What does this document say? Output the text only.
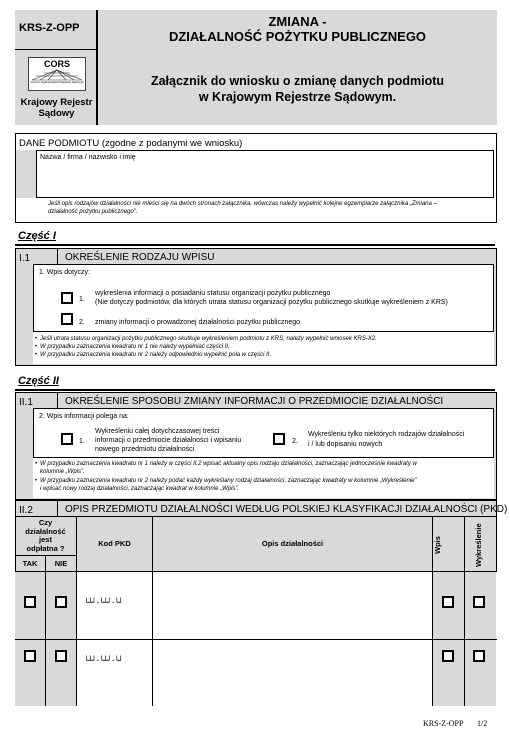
KRS-Z-OPP	ZMIANA -
DZIAŁALNOŚĆ POŻYTKU PUBLICZNEGO
CORS
Centrum Ogólnopolskich Rejestrów Sądowych
Krajowy Rejestr
Sądowy
Załącznik do wniosku o zmianę danych podmiotu
w Krajowym Rejestrze Sądowym.
DANE PODMIOTU (zgodne z podanymi we wniosku)
Nazwa / firma / nazwisko i imię
Jeśli opis rodzajów działalności nie mieści się na dwóch stronach załącznika, wówczas należy wypełnić kolejne egzemplarze załącznika „Zmiana –
działalność pożytku publicznego”.
Część I
I.1	OKREŚLENIE RODZAJU WPISU
1. Wpis dotyczy:
1.
wykreślenia informacji o posiadaniu statusu organizacji pożytku publicznego
(Nie dotyczy podmiotów, dla których utrata statusu organizacji pożytku publicznego skutkuje wykreśleniem z KRS)
2. zmiany informacji o prowadzonej działalności pożytku publicznego
Jeśli utrata statusu organizacji pożytku publicznego skutkuje wykreśleniem podmiotu z KRS, należy wypełnić wniosek KRS-X2.
W przypadku zaznaczenia kwadratu nr 1 nie należy wypełniać części II.
W przypadku zaznaczenia kwadratu nr 2 należy odpowiednio wypełnić pola w części II.
•
•
•
Część II
II.1	OKREŚLENIE SPOSOBU ZMIANY INFORMACJI O PRZEDMIOCIE DZIAŁALNOŚCI
2. Wpis informacji polega na:
1.
Wykreśleniu całej dotychczasowej treści
informacji o przedmiocie działalności i wpisaniu
nowego przedmiotu działalności
2.
Wykreśleniu tylko niektórych rodzajów działalności
i / lub dopisaniu nowych
• W przypadku zaznaczenia kwadratu nr 1 należy w części II.2 wpisać aktualny opis rodzaju działalności, zaznaczając jednocześnie kwadraty w
kolumnie „Wpis”.
• W przypadku zaznaczenia kwadratu nr 2 należy podać każdy wykreślany rodzaj działalności, zaznaczając kwadraty w kolumnie „Wykreślenie”
i wpisać nowy rodzaj działalności, zaznaczając kwadrat w kolumnie „Wpis”.
II.2	OPIS PRZEDMIOTU DZIAŁALNOŚCI WEDŁUG POLSKIEJ KLASYFIKACJI DZIAŁALNOŚCI (PKD)
Czy
działalność
jest
odpłatna ?
TAK	NIE
Kod PKD	Opis działalności	Wpis	Wykreślenie
└┴┘·└┴┘·└┘
└┴┘·└┴┘·└┘
KRS-Z-OPP 1/2
